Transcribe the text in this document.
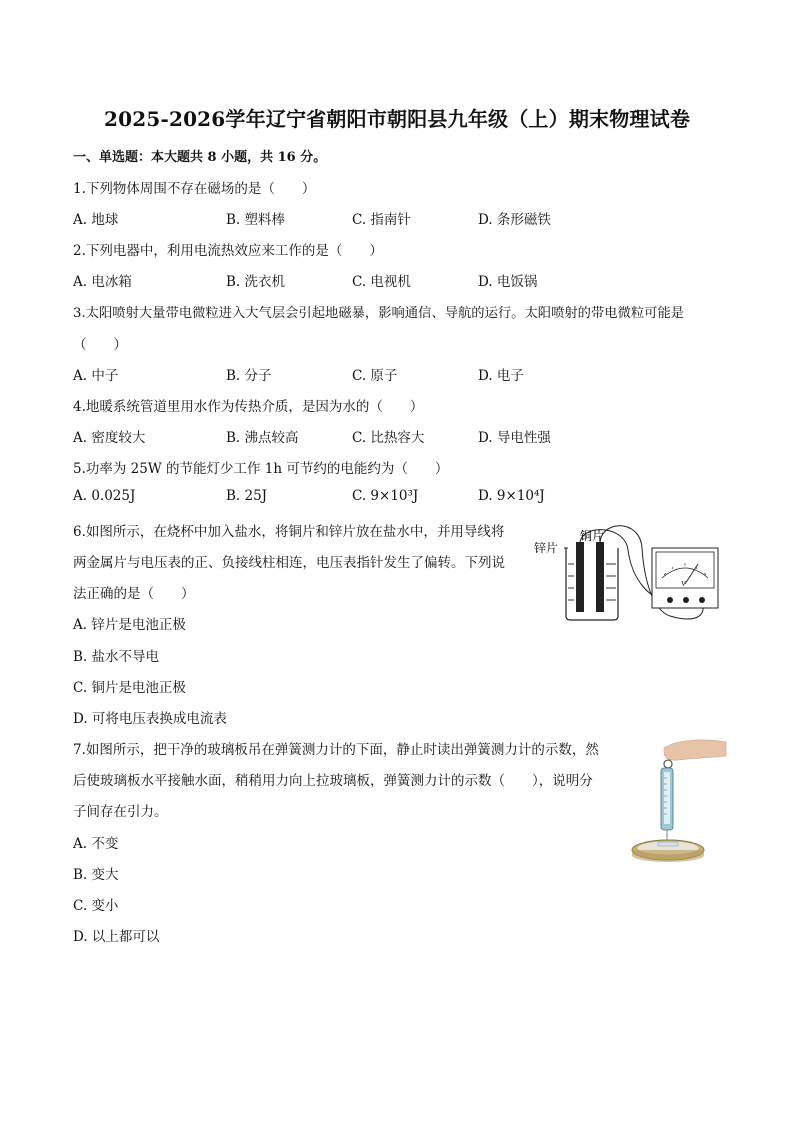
2025-2026学年辽宁省朝阳市朝阳县九年级（上）期末物理试卷
一、单选题：本大题共 8 小题，共 16 分。
1.下列物体周围不存在磁场的是（　　）
A. 地球	B. 塑料棒	C. 指南针	D. 条形磁铁
2.下列电器中，利用电流热效应来工作的是（　　）
A. 电冰箱	B. 洗衣机	C. 电视机	D. 电饭锅
3.太阳喷射大量带电微粒进入大气层会引起地磁暴，影响通信、导航的运行。太阳喷射的带电微粒可能是
（　　）
A. 中子	B. 分子	C. 原子	D. 电子
4.地暖系统管道里用水作为传热介质，是因为水的（　　）
A. 密度较大	B. 沸点较高	C. 比热容大	D. 导电性强
5.功率为 25W 的节能灯少工作 1h 可节约的电能约为（　　）
A. 0.025J	B. 25J	C. 9×10³J	D. 9×10⁴J
6.如图所示，在烧杯中加入盐水，将铜片和锌片放在盐水中，并用导线将
两金属片与电压表的正、负接线柱相连，电压表指针发生了偏转。下列说
法正确的是（　　）
A. 锌片是电池正极
B. 盐水不导电
C. 铜片是电池正极
D. 可将电压表换成电流表
锌片
铜片
V
7.如图所示，把干净的玻璃板吊在弹簧测力计的下面，静止时读出弹簧测力计的示数，然
后使玻璃板水平接触水面，稍稍用力向上拉玻璃板，弹簧测力计的示数（　　），说明分
子间存在引力。
A. 不变
B. 变大
C. 变小
D. 以上都可以
